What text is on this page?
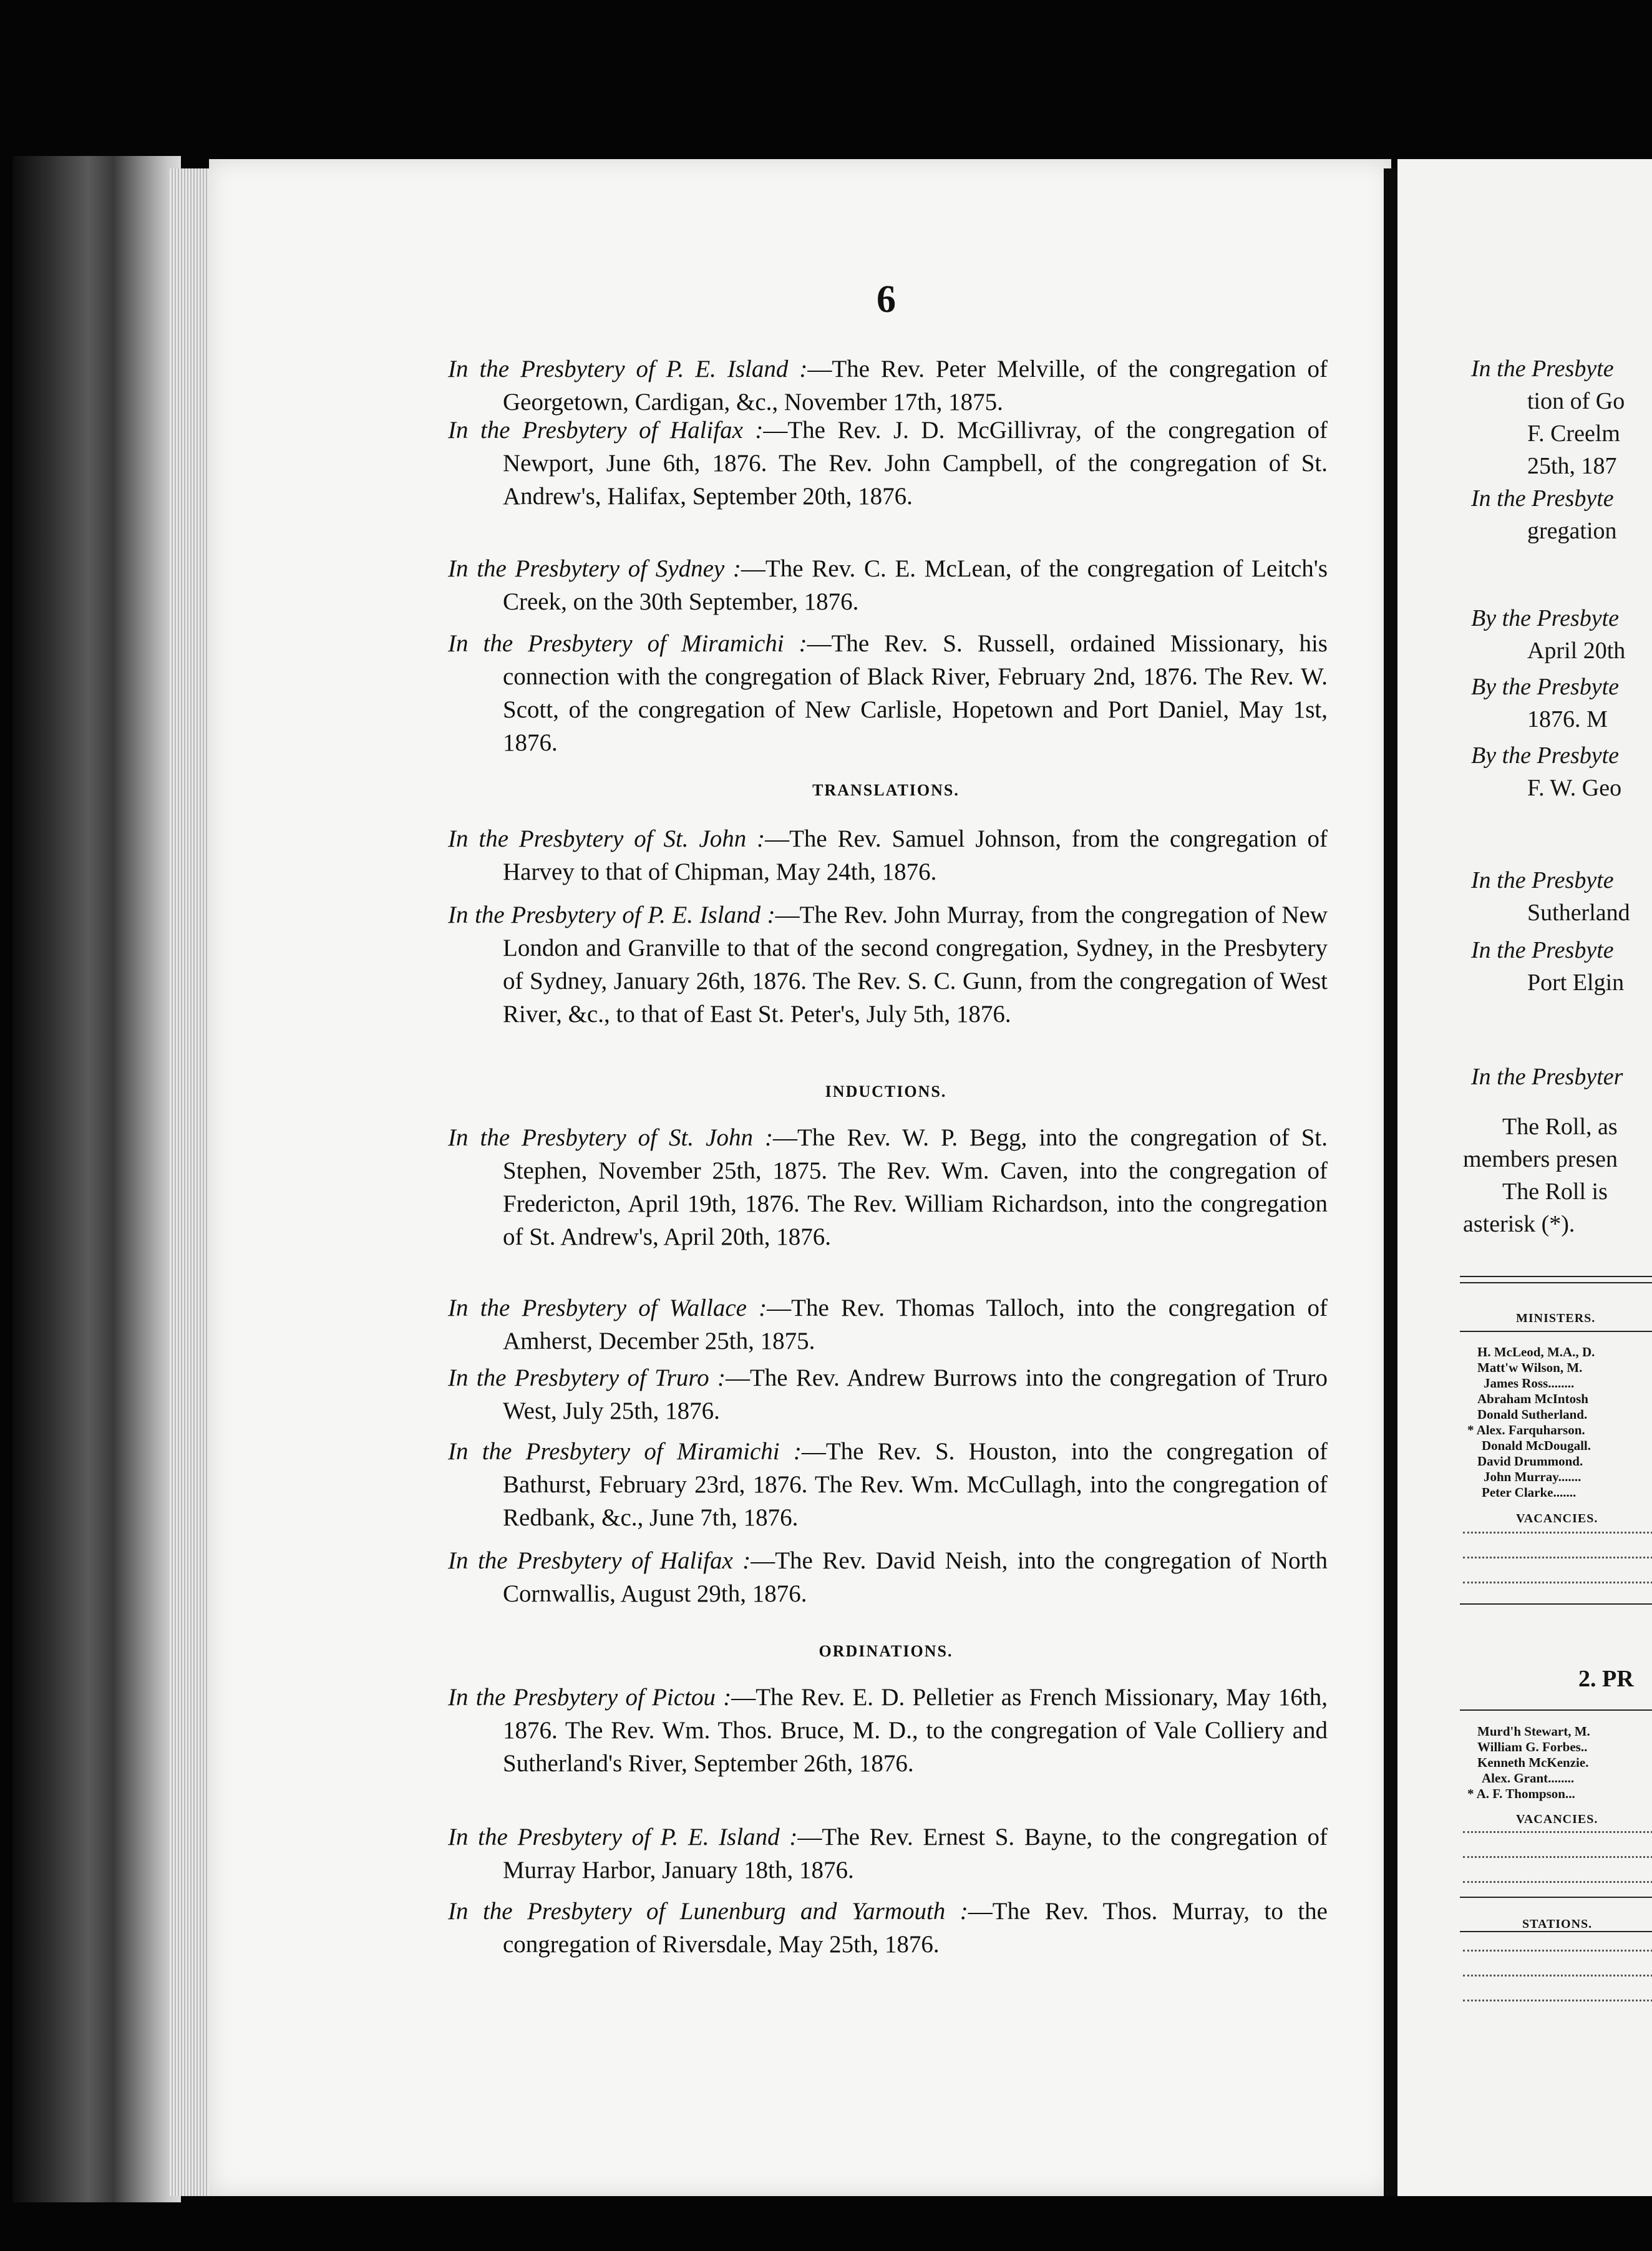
6
In the Presbytery of P. E. Island :—The Rev. Peter Melville, of the congregation of Georgetown, Cardigan, &c., November 17th, 1875.
In the Presbytery of Halifax :—The Rev. J. D. McGillivray, of the congregation of Newport, June 6th, 1876. The Rev. John Campbell, of the congregation of St. Andrew's, Halifax, September 20th, 1876.
In the Presbytery of Sydney :—The Rev. C. E. McLean, of the congregation of Leitch's Creek, on the 30th September, 1876.
In the Presbytery of Miramichi :—The Rev. S. Russell, ordained Missionary, his connection with the congregation of Black River, February 2nd, 1876. The Rev. W. Scott, of the congregation of New Carlisle, Hopetown and Port Daniel, May 1st, 1876.
TRANSLATIONS.
In the Presbytery of St. John :—The Rev. Samuel Johnson, from the congregation of Harvey to that of Chipman, May 24th, 1876.
In the Presbytery of P. E. Island :—The Rev. John Murray, from the congregation of New London and Granville to that of the second congregation, Sydney, in the Presbytery of Sydney, January 26th, 1876. The Rev. S. C. Gunn, from the congregation of West River, &c., to that of East St. Peter's, July 5th, 1876.
INDUCTIONS.
In the Presbytery of St. John :—The Rev. W. P. Begg, into the congregation of St. Stephen, November 25th, 1875. The Rev. Wm. Caven, into the congregation of Fredericton, April 19th, 1876. The Rev. William Richardson, into the congregation of St. Andrew's, April 20th, 1876.
In the Presbytery of Wallace :—The Rev. Thomas Talloch, into the congregation of Amherst, December 25th, 1875.
In the Presbytery of Truro :—The Rev. Andrew Burrows into the congregation of Truro West, July 25th, 1876.
In the Presbytery of Miramichi :—The Rev. S. Houston, into the congregation of Bathurst, February 23rd, 1876. The Rev. Wm. McCullagh, into the congregation of Redbank, &c., June 7th, 1876.
In the Presbytery of Halifax :—The Rev. David Neish, into the congregation of North Cornwallis, August 29th, 1876.
ORDINATIONS.
In the Presbytery of Pictou :—The Rev. E. D. Pelletier as French Missionary, May 16th, 1876. The Rev. Wm. Thos. Bruce, M. D., to the congregation of Vale Colliery and Sutherland's River, September 26th, 1876.
In the Presbytery of P. E. Island :—The Rev. Ernest S. Bayne, to the congregation of Murray Harbor, January 18th, 1876.
In the Presbytery of Lunenburg and Yarmouth :—The Rev. Thos. Murray, to the congregation of Riversdale, May 25th, 1876.
In the Presbyte
tion of Go
F. Creelm
25th, 187
In the Presbyte
gregation
By the Presbyte
April 20th
By the Presbyte
1876. M
By the Presbyte
F. W. Geo
In the Presbyte
Sutherland
In the Presbyte
Port Elgin
In the Presbyter
The Roll, as
members presen
The Roll is
asterisk (*).
MINISTERS.
H. McLeod, M.A., D.
Matt'w Wilson, M.
James Ross........
Abraham McIntosh
Donald Sutherland.
* Alex. Farquharson.
Donald McDougall.
David Drummond.
John Murray.......
Peter Clarke.......
VACANCIES.
2. PR
Murd'h Stewart, M.
William G. Forbes..
Kenneth McKenzie.
Alex. Grant........
* A. F. Thompson...
VACANCIES.
STATIONS.
